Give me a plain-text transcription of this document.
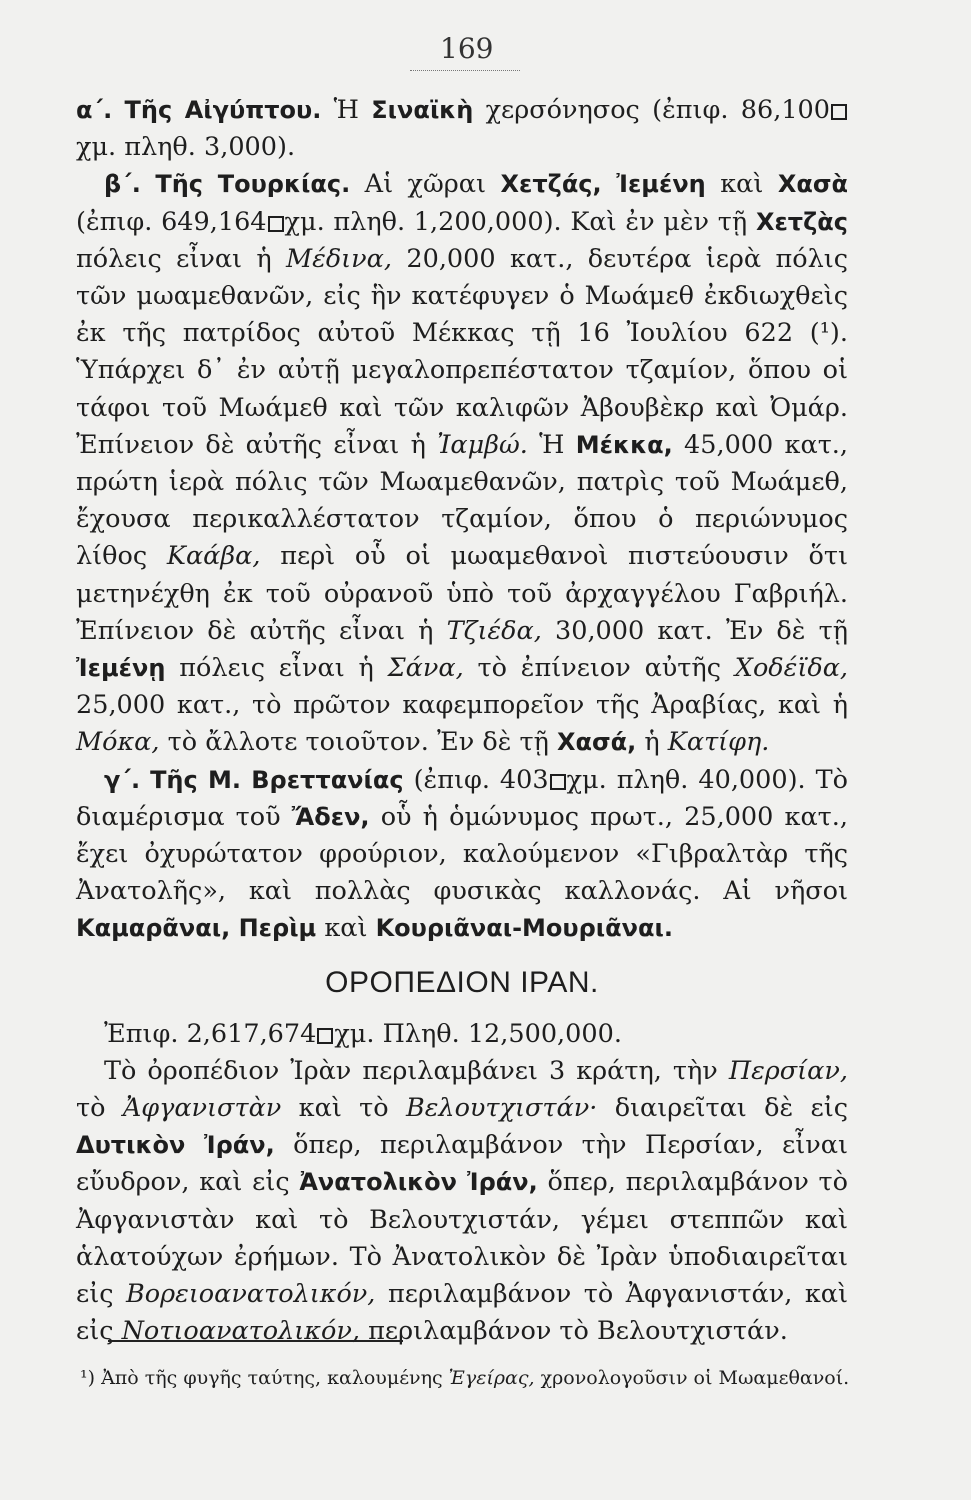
169

α΄. Τῆς Αἰγύπτου. Ἡ Σιναϊκὴ χερσόνησος (ἐπιφ. 86,100χμ. πληθ. 3,000).

β΄. Τῆς Τουρκίας. Αἱ χῶραι Χετζάς, Ἰεμένη καὶ Χασὰ (ἐπιφ. 649,164 χμ. πληθ. 1,200,000). Καὶ ἐν μὲν τῇ Χετζὰς πόλεις εἶναι ἡ Μέδινα, 20,000 κατ., δευτέρα ἱερὰ πόλις τῶν μωαμεθανῶν, εἰς ἣν κατέφυγεν ὁ Μωάμεθ ἐκδιωχθεὶς ἐκ τῆς πατρίδος αὐτοῦ Μέκκας τῇ 16 Ἰουλίου 622 (¹). Ὑπάρχει δ᾽ ἐν αὐτῇ μεγαλοπρεπέστατον τζαμίον, ὅπου οἱ τάφοι τοῦ Μωάμεθ καὶ τῶν καλιφῶν Ἀβουβὲκρ καὶ Ὀμάρ. Ἐπίνειον δὲ αὐτῆς εἶναι ἡ Ἰαμβώ. Ἡ Μέκκα, 45,000 κατ., πρώτη ἱερὰ πόλις τῶν Μωαμεθανῶν, πατρὶς τοῦ Μωάμεθ, ἔχουσα περικαλλέστατον τζαμίον, ὅπου ὁ περιώνυμος λίθος Καάβα, περὶ οὗ οἱ μωαμεθανοὶ πιστεύουσιν ὅτι μετηνέχθη ἐκ τοῦ οὐρανοῦ ὑπὸ τοῦ ἀρχαγγέλου Γαβριήλ. Ἐπίνειον δὲ αὐτῆς εἶναι ἡ Τζιέδα, 30,000 κατ. Ἐν δὲ τῇ Ἰεμένῃ πόλεις εἶναι ἡ Σάνα, τὸ ἐπίνειον αὐτῆς Χοδέϊδα, 25,000 κατ., τὸ πρῶτον καφεμπορεῖον τῆς Ἀραβίας, καὶ ἡ Μόκα, τὸ ἄλλοτε τοιοῦτον. Ἐν δὲ τῇ Χασά, ἡ Κατίφη.

γ΄. Τῆς Μ. Βρεττανίας (ἐπιφ. 403 χμ. πληθ. 40,000). Τὸ διαμέρισμα τοῦ Ἄδεν, οὗ ἡ ὁμώνυμος πρωτ., 25,000 κατ., ἔχει ὀχυρώτατον φρούριον, καλούμενον «Γιβραλτὰρ τῆς Ἀνατολῆς», καὶ πολλὰς φυσικὰς καλλονάς. Αἱ νῆσοι Καμαρᾶναι, Περὶμ καὶ Κουριᾶναι-Μουριᾶναι.

ΟΡΟΠΕΔΙΟΝ ΙΡΑΝ.

Ἐπιφ. 2,617,674 χμ. Πληθ. 12,500,000.

Τὸ ὀροπέδιον Ἰρὰν περιλαμβάνει 3 κράτη, τὴν Περσίαν, τὸ Ἀφγανιστὰν καὶ τὸ Βελουτχιστάν· διαιρεῖται δὲ εἰς Δυτικὸν Ἰράν, ὅπερ, περιλαμβάνον τὴν Περσίαν, εἶναι εὔυδρον, καὶ εἰς Ἀνατολικὸν Ἰράν, ὅπερ, περιλαμβάνον τὸ Ἀφγανιστὰν καὶ τὸ Βελουτχιστάν, γέμει στεππῶν καὶ ἁλατούχων ἐρήμων. Τὸ Ἀνατολικὸν δὲ Ἰρὰν ὑποδιαιρεῖται εἰς Βορειοανατολικόν, περιλαμβάνον τὸ Ἀφγανιστάν, καὶ εἰς Νοτιοανατολικόν, περιλαμβάνον τὸ Βελουτχιστάν.

¹) Ἀπὸ τῆς φυγῆς ταύτης, καλουμένης Ἐγείρας, χρονολογοῦσιν οἱ Μωαμεθανοί.
